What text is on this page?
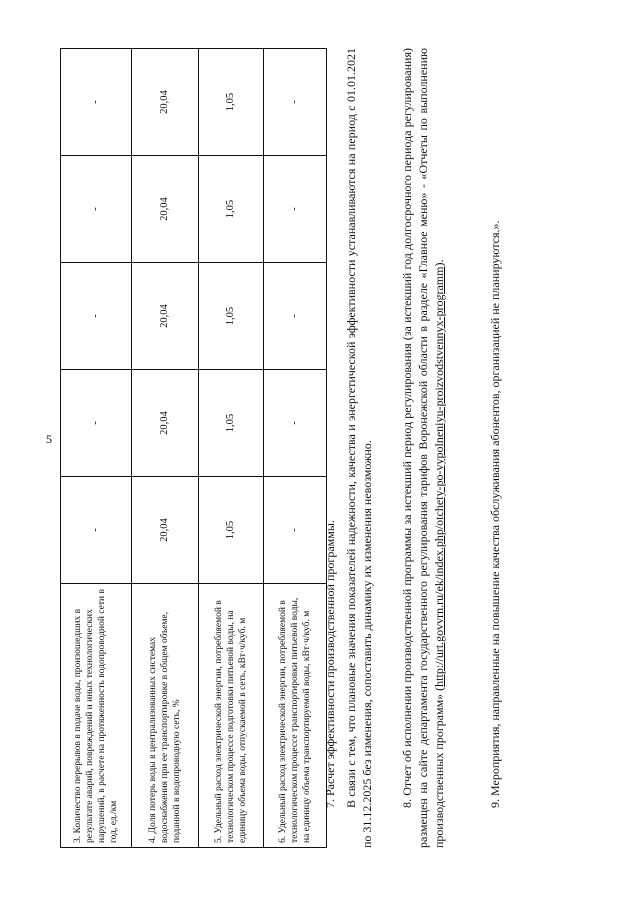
5
3. Количество перерывов в подаче воды, произошедших в результате аварий, повреждений и иных технологических нарушений, в расчете на протяженность водопроводной сети в год, ед./км	-	-	-	-	-
4. Доля потерь воды в централизованных системах водоснабжения при ее транспортировке в общем объеме, поданной в водопроводную сеть, %	20,04	20,04	20,04	20,04	20,04
5. Удельный расход электрической энергии, потребляемой в технологическом процессе подготовки питьевой воды, на единицу объема воды, отпускаемой в сеть, кВт·ч/куб. м	1,05	1,05	1,05	1,05	1,05
6. Удельный расход электрической энергии, потребляемой в технологическом процессе транспортировки питьевой воды, на единицу объема транспортируемой воды, кВт·ч/куб. м	-	-	-	-	-
7. Расчет эффективности производственной программы. В связи с тем, что плановые значения показателей надежности, качества и энергетической эффективности устанавливаются на период с 01.01.2021 по 31.12.2025 без изменения, сопоставить динамику их изменения невозможно. 8. Отчет об исполнении производственной программы за истекший период регулирования (за истекший год долгосрочного периода регулирования) размещен на сайте департамента государственного регулирования тарифов Воронежской области в разделе «Главное меню» - «Отчеты по выполнению производственных программ» (http://urt.govvrn.ru/ek/index.php/otchety-po-vypolneniyu-proizvodstvennyx-programm).	9. Мероприятия, направленные на повышение качества обслуживания абонентов, организацией не планируются.».
